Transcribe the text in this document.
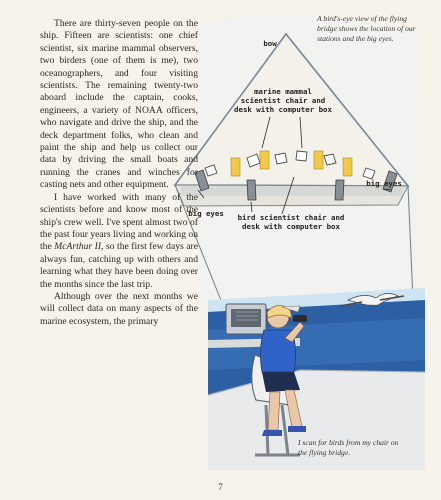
There are thirty-seven people on the ship. Fifteen are scientists: one chief scientist, six marine mammal observers, two birders (one of them is me), two oceanographers, and four visiting scientists. The remaining twenty-two aboard include the captain, cooks, engineers, a variety of NOAA officers, who navigate and drive the ship, and the deck department folks, who clean and paint the ship and help us collect our data by driving the small boats and running the cranes and winches for casting nets and other equipment.

I have worked with many of the scientists before and know most of the ship's crew well. I've spent almost two of the past four years living and working on the McArthur II, so the first few days are always fun, catching up with others and learning what they have been doing over the months since the last trip.

Although over the next months we will collect data on many aspects of the marine ecosystem, the primary

A bird's-eye view of the flying bridge shows the location of our stations and the big eyes.
I scan for birds from my chair on the flying bridge.
bow
marine mammal scientist chair and desk with computer box
big eyes
big eyes
bird scientist chair and desk with computer box
7
